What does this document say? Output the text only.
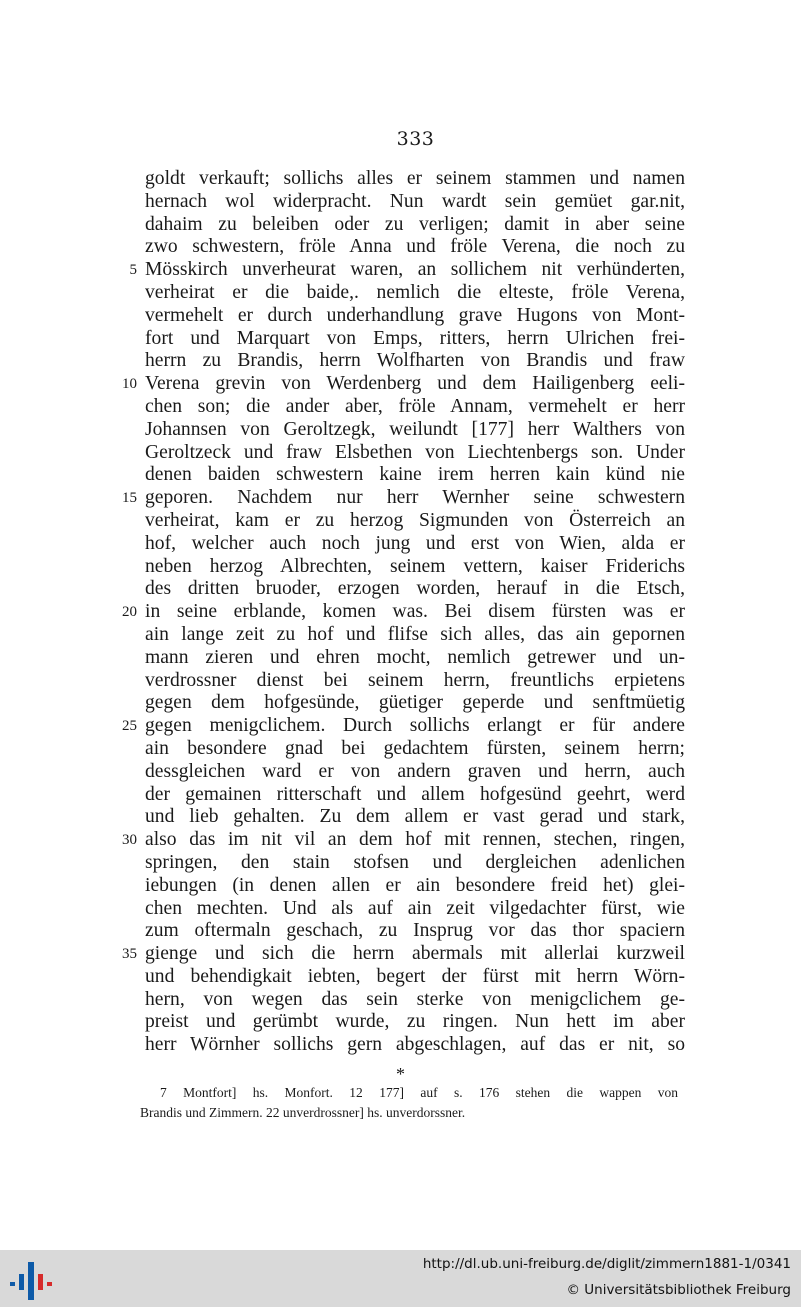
333
goldt verkauft; sollichs alles er seinem stammen und namen
hernach wol widerpracht. Nun wardt sein gemüet gar.nit,
dahaim zu beleiben oder zu verligen; damit in aber seine
zwo schwestern, fröle Anna und fröle Verena, die noch zu
5 Mösskirch unverheurat waren, an sollichem nit verhünderten,
verheirat er die baide,. nemlich die elteste, fröle Verena,
vermehelt er durch underhandlung grave Hugons von Mont-
fort und Marquart von Emps, ritters, herrn Ulrichen frei-
herrn zu Brandis, herrn Wolfharten von Brandis und fraw
10 Verena grevin von Werdenberg und dem Hailigenberg eeli-
chen son; die ander aber, fröle Annam, vermehelt er herr
Johannsen von Geroltzegk, weilundt [177] herr Walthers von
Geroltzeck und fraw Elsbethen von Liechtenbergs son. Under
denen baiden schwestern kaine irem herren kain künd nie
15 geporen. Nachdem nur herr Wernher seine schwestern
verheirat, kam er zu herzog Sigmunden von Österreich an
hof, welcher auch noch jung und erst von Wien, alda er
neben herzog Albrechten, seinem vettern, kaiser Friderichs
des dritten bruoder, erzogen worden, herauf in die Etsch,
20 in seine erblande, komen was. Bei disem fürsten was er
ain lange zeit zu hof und flifse sich alles, das ain gepornen
mann zieren und ehren mocht, nemlich getrewer und un-
verdrossner dienst bei seinem herrn, freuntlichs erpietens
gegen dem hofgesünde, güetiger geperde und senftmüetig
25 gegen menigclichem. Durch sollichs erlangt er für andere
ain besondere gnad bei gedachtem fürsten, seinem herrn;
dessgleichen ward er von andern graven und herrn, auch
der gemainen ritterschaft und allem hofgesünd geehrt, werd
und lieb gehalten. Zu dem allem er vast gerad und stark,
30 also das im nit vil an dem hof mit rennen, stechen, ringen,
springen, den stain stofsen und dergleichen adenlichen
iebungen (in denen allen er ain besondere freid het) glei-
chen mechten. Und als auf ain zeit vilgedachter fürst, wie
zum oftermaln geschach, zu Insprug vor das thor spaciern
35 gienge und sich die herrn abermals mit allerlai kurzweil
und behendigkait iebten, begert der fürst mit herrn Wörn-
hern, von wegen das sein sterke von menigclichem ge-
preist und gerümbt wurde, zu ringen. Nun hett im aber
herr Wörnher sollichs gern abgeschlagen, auf das er nit, so
*
7 Montfort] hs. Monfort. 12 177] auf s. 176 stehen die wappen von
Brandis und Zimmern. 22 unverdrossner] hs. unverdorssner.
http://dl.ub.uni-freiburg.de/diglit/zimmern1881-1/0341
© Universitätsbibliothek Freiburg
